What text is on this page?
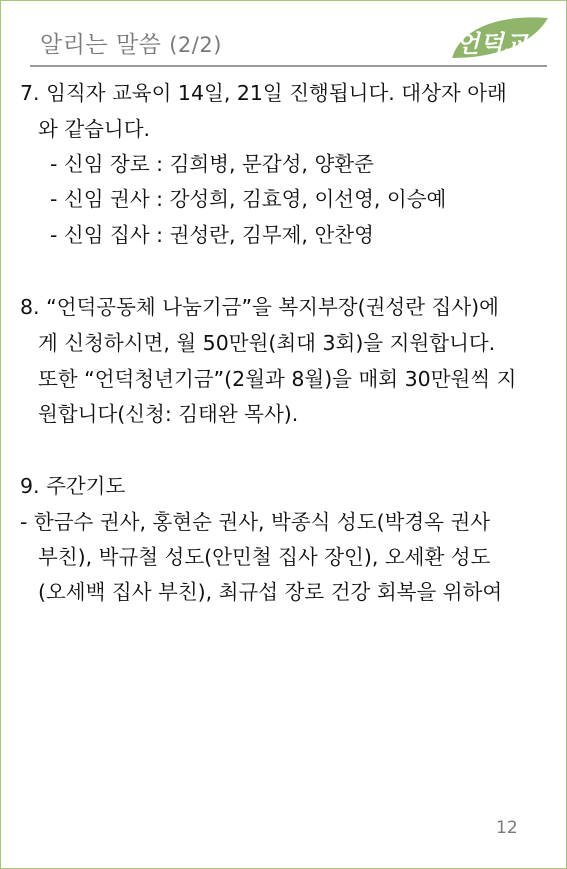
알리는 말씀 (2/2)	언덕교회
7. 임직자 교육이 14일, 21일 진행됩니다. 대상자 아래
와 같습니다.
- 신임 장로 : 김희병, 문갑성, 양환준
- 신임 권사 : 강성희, 김효영, 이선영, 이승예
- 신임 집사 : 권성란, 김무제, 안찬영
8. “언덕공동체 나눔기금”을 복지부장(권성란 집사)에
게 신청하시면, 월 50만원(최대 3회)을 지원합니다.
또한 “언덕청년기금”(2월과 8월)을 매회 30만원씩 지
원합니다(신청: 김태완 목사).
9. 주간기도
- 한금수 권사, 홍현순 권사, 박종식 성도(박경옥 권사
부친), 박규철 성도(안민철 집사 장인), 오세환 성도
(오세백 집사 부친), 최규섭 장로 건강 회복을 위하여
12
